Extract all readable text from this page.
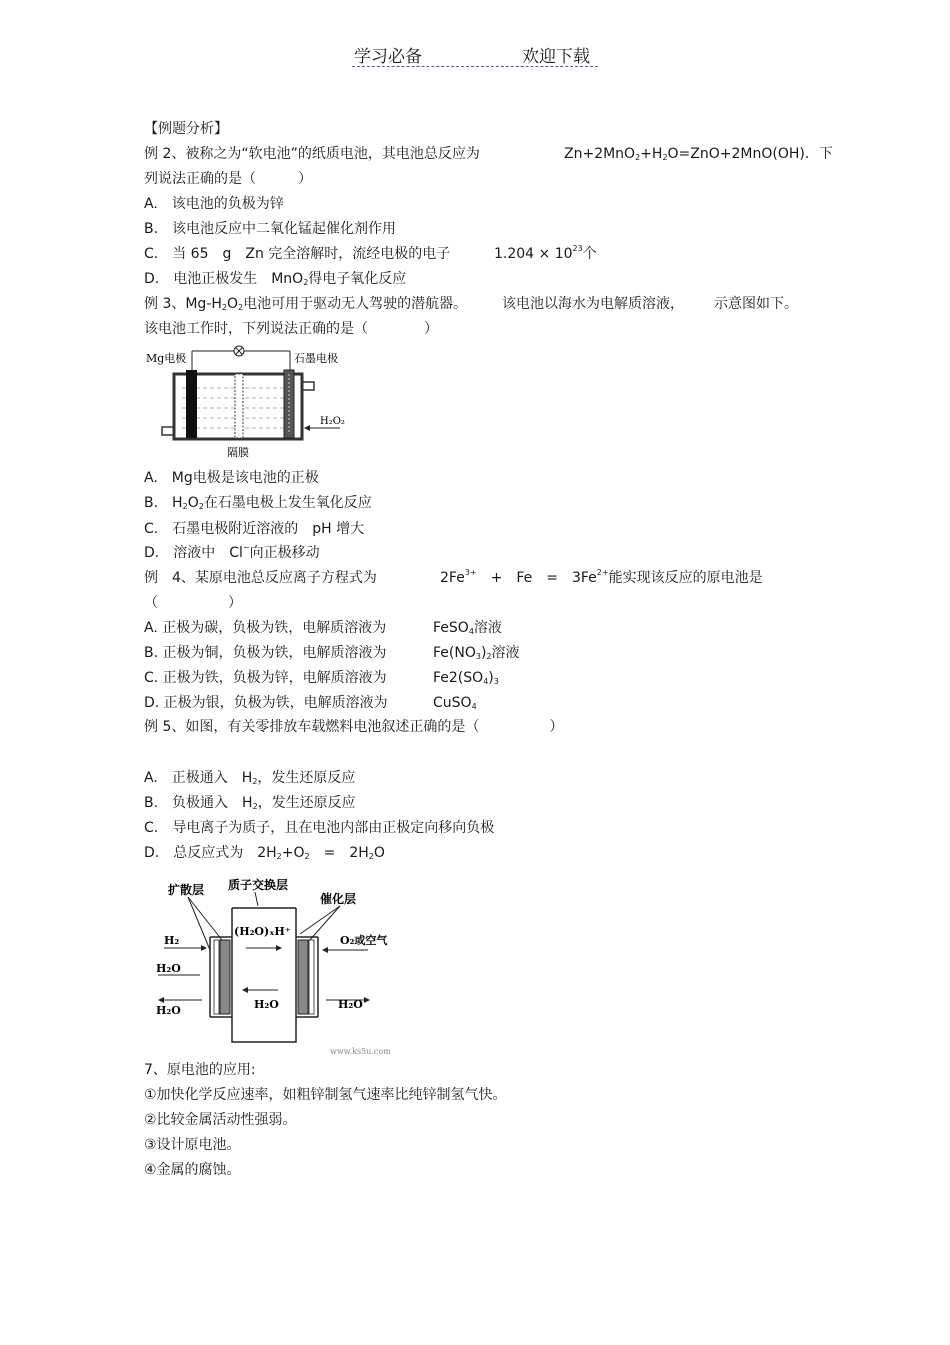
学习必备	欢迎下载
【例题分析】
例 2、被称之为“软电池”的纸质电池，其电池总反应为	$Zn+2MnO_2+H_2O=ZnO+2MnO(OH)$．下
列说法正确的是（　　　）
A.　该电池的负极为锌
B.　该电池反应中二氧化锰起催化剂作用
C.　当 65　g　Zn 完全溶解时，流经电极的电子	$1.204 \times 10^{23}$个
D.　电池正极发生　MnO$_2$得电子氧化反应
例 3、$Mg-H_2O_2$电池可用于驱动无人驾驶的潜航器。 该电池以海水为电解质溶液， 示意图如下。
该电池工作时，下列说法正确的是（　　　　）
Mg电极	石墨电极
H₂O₂
隔膜
A.　Mg电极是该电池的正极
B.　$H_2O_2$在石墨电极上发生氧化反应
C.　石墨电极附近溶液的　pH 增大
D.　溶液中　Cl−向正极移动
例　4、某原电池总反应离子方程式为	$2Fe^{3+}$　 +　Fe　=　$3Fe^{2+}$能实现该反应的原电池是
（　　　　　）
A. 正极为碳，负极为铁，电解质溶液为	FeSO$_4$溶液
B. 正极为铜，负极为铁，电解质溶液为	$Fe(NO_3)_2$溶液
C. 正极为铁，负极为锌，电解质溶液为	$Fe2(SO_4)_3$
D. 正极为银，负极为铁，电解质溶液为	CuSO$_4$
例 5、如图，有关零排放车载燃料电池叙述正确的是（　　　　　）
A.　正极通入　$H_2$，发生还原反应
B.　负极通入　$H_2$，发生还原反应
C.　导电离子为质子，且在电池内部由正极定向移向负极
D.　总反应式为　$2H_2+O_2$　=　$2H_2O$
扩散层 质子交换层
催化层
(H₂O)ₓH⁺
H₂O
H₂
H₂O
H₂O
O₂或空气
H₂O
www.ks5u.com
7、原电池的应用:
①加快化学反应速率，如粗锌制氢气速率比纯锌制氢气快。
②比较金属活动性强弱。
③设计原电池。
④金属的腐蚀。
